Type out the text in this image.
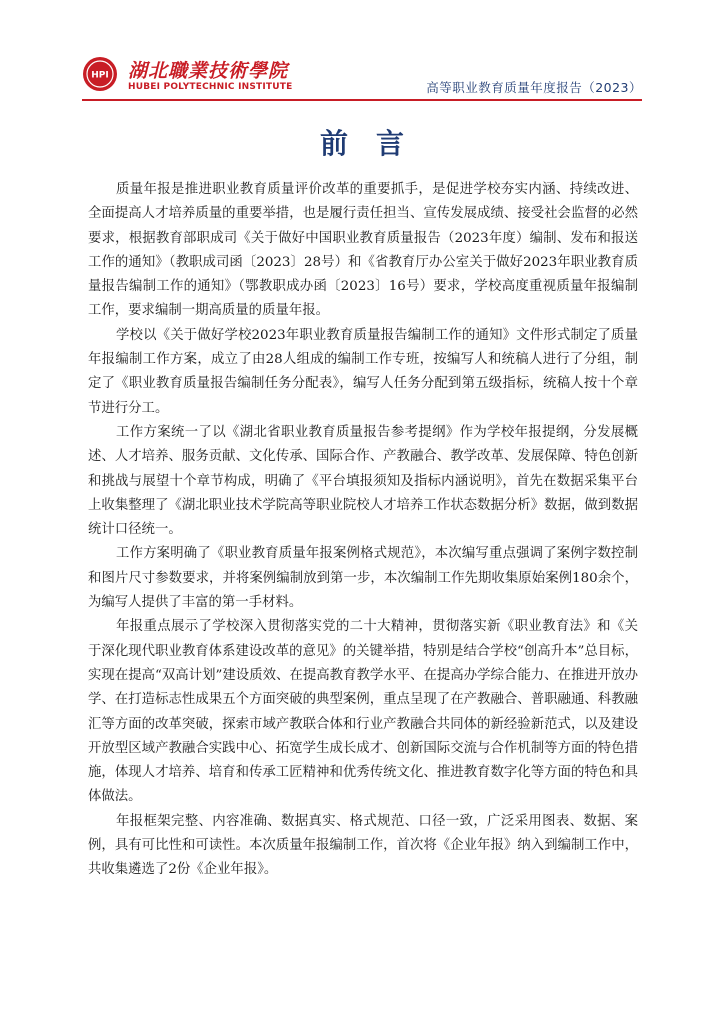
HPI 湖北職業技術學院
HUBEI POLYTECHNIC INSTITUTE	高等职业教育质量年度报告（2023）
前言

质量年报是推进职业教育质量评价改革的重要抓手，是促进学校夯实内涵、持续改进、全面提高人才培养质量的重要举措，也是履行责任担当、宣传发展成绩、接受社会监督的必然要求，根据教育部职成司《关于做好中国职业教育质量报告（2023年度）编制、发布和报送工作的通知》（教职成司函〔2023〕28号）和《省教育厅办公室关于做好2023年职业教育质量报告编制工作的通知》（鄂教职成办函〔2023〕16号）要求，学校高度重视质量年报编制工作，要求编制一期高质量的质量年报。

学校以《关于做好学校2023年职业教育质量报告编制工作的通知》文件形式制定了质量年报编制工作方案，成立了由28人组成的编制工作专班，按编写人和统稿人进行了分组，制定了《职业教育质量报告编制任务分配表》，编写人任务分配到第五级指标，统稿人按十个章节进行分工。

工作方案统一了以《湖北省职业教育质量报告参考提纲》作为学校年报提纲，分发展概述、人才培养、服务贡献、文化传承、国际合作、产教融合、教学改革、发展保障、特色创新和挑战与展望十个章节构成，明确了《平台填报须知及指标内涵说明》，首先在数据采集平台上收集整理了《湖北职业技术学院高等职业院校人才培养工作状态数据分析》数据，做到数据统计口径统一。

工作方案明确了《职业教育质量年报案例格式规范》，本次编写重点强调了案例字数控制和图片尺寸参数要求，并将案例编制放到第一步，本次编制工作先期收集原始案例180余个，为编写人提供了丰富的第一手材料。

年报重点展示了学校深入贯彻落实党的二十大精神，贯彻落实新《职业教育法》和《关于深化现代职业教育体系建设改革的意见》的关键举措，特别是结合学校“创高升本”总目标，实现在提高“双高计划”建设质效、在提高教育教学水平、在提高办学综合能力、在推进开放办学、在打造标志性成果五个方面突破的典型案例，重点呈现了在产教融合、普职融通、科教融汇等方面的改革突破，探索市域产教联合体和行业产教融合共同体的新经验新范式，以及建设开放型区域产教融合实践中心、拓宽学生成长成才、创新国际交流与合作机制等方面的特色措施，体现人才培养、培育和传承工匠精神和优秀传统文化、推进教育数字化等方面的特色和具体做法。

年报框架完整、内容准确、数据真实、格式规范、口径一致，广泛采用图表、数据、案例，具有可比性和可读性。本次质量年报编制工作，首次将《企业年报》纳入到编制工作中，共收集遴选了2份《企业年报》。
